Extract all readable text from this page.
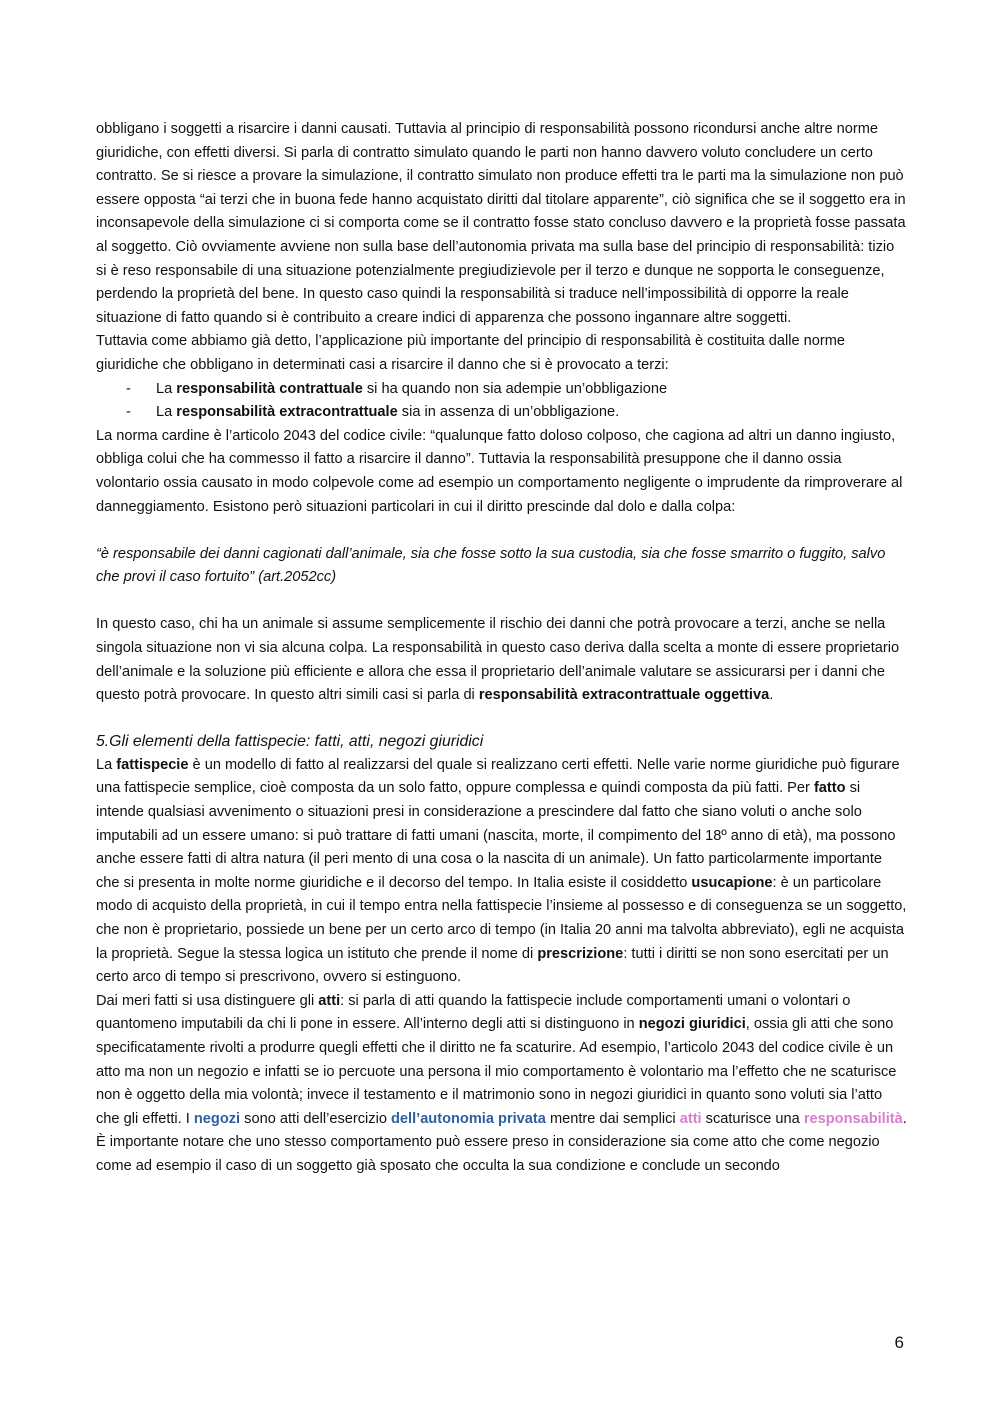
obbligano i soggetti a risarcire i danni causati. Tuttavia al principio di responsabilità possono ricondursi anche altre norme giuridiche, con effetti diversi. Si parla di contratto simulato quando le parti non hanno davvero voluto concludere un certo contratto. Se si riesce a provare la simulazione, il contratto simulato non produce effetti tra le parti ma la simulazione non può essere opposta “ai terzi che in buona fede hanno acquistato diritti dal titolare apparente”, ciò significa che se il soggetto era in inconsapevole della simulazione ci si comporta come se il contratto fosse stato concluso davvero e la proprietà fosse passata al soggetto. Ciò ovviamente avviene non sulla base dell’autonomia privata ma sulla base del principio di responsabilità: tizio si è reso responsabile di una situazione potenzialmente pregiudizievole per il terzo e dunque ne sopporta le conseguenze, perdendo la proprietà del bene. In questo caso quindi la responsabilità si traduce nell’impossibilità di opporre la reale situazione di fatto quando si è contribuito a creare indici di apparenza che possono ingannare altre soggetti.

Tuttavia come abbiamo già detto, l’applicazione più importante del principio di responsabilità è costituita dalle norme giuridiche che obbligano in determinati casi a risarcire il danno che si è provocato a terzi:

- La responsabilità contrattuale si ha quando non sia adempie un’obbligazione
- La responsabilità extracontrattuale sia in assenza di un’obbligazione.

La norma cardine è l’articolo 2043 del codice civile: “qualunque fatto doloso colposo, che cagiona ad altri un danno ingiusto, obbliga colui che ha commesso il fatto a risarcire il danno”. Tuttavia la responsabilità presuppone che il danno ossia volontario ossia causato in modo colpevole come ad esempio un comportamento negligente o imprudente da rimproverare al danneggiamento. Esistono però situazioni particolari in cui il diritto prescinde dal dolo e dalla colpa:

“è responsabile dei danni cagionati dall’animale, sia che fosse sotto la sua custodia, sia che fosse smarrito o fuggito, salvo che provi il caso fortuito” (art.2052cc)

In questo caso, chi ha un animale si assume semplicemente il rischio dei danni che potrà provocare a terzi, anche se nella singola situazione non vi sia alcuna colpa. La responsabilità in questo caso deriva dalla scelta a monte di essere proprietario dell’animale e la soluzione più efficiente e allora che essa il proprietario dell’animale valutare se assicurarsi per i danni che questo potrà provocare. In questo altri simili casi si parla di responsabilità extracontrattuale oggettiva.

5.Gli elementi della fattispecie: fatti, atti, negozi giuridici

La fattispecie è un modello di fatto al realizzarsi del quale si realizzano certi effetti. Nelle varie norme giuridiche può figurare una fattispecie semplice, cioè composta da un solo fatto, oppure complessa e quindi composta da più fatti. Per fatto si intende qualsiasi avvenimento o situazioni presi in considerazione a prescindere dal fatto che siano voluti o anche solo imputabili ad un essere umano: si può trattare di fatti umani (nascita, morte, il compimento del 18º anno di età), ma possono anche essere fatti di altra natura (il peri mento di una cosa o la nascita di un animale). Un fatto particolarmente importante che si presenta in molte norme giuridiche e il decorso del tempo. In Italia esiste il cosiddetto usucapione: è un particolare modo di acquisto della proprietà, in cui il tempo entra nella fattispecie l’insieme al possesso e di conseguenza se un soggetto, che non è proprietario, possiede un bene per un certo arco di tempo (in Italia 20 anni ma talvolta abbreviato), egli ne acquista la proprietà. Segue la stessa logica un istituto che prende il nome di prescrizione: tutti i diritti se non sono esercitati per un certo arco di tempo si prescrivono, ovvero si estinguono.

Dai meri fatti si usa distinguere gli atti: si parla di atti quando la fattispecie include comportamenti umani o volontari o quantomeno imputabili da chi li pone in essere. All’interno degli atti si distinguono in negozi giuridici, ossia gli atti che sono specificatamente rivolti a produrre quegli effetti che il diritto ne fa scaturire. Ad esempio, l’articolo 2043 del codice civile è un atto ma non un negozio e infatti se io percuote una persona il mio comportamento è volontario ma l’effetto che ne scaturisce non è oggetto della mia volontà; invece il testamento e il matrimonio sono in negozi giuridici in quanto sono voluti sia l’atto che gli effetti. I negozi sono atti dell’esercizio dell’autonomia privata mentre dai semplici atti scaturisce una responsabilità. È importante notare che uno stesso comportamento può essere preso in considerazione sia come atto che come negozio come ad esempio il caso di un soggetto già sposato che occulta la sua condizione e conclude un secondo

6
